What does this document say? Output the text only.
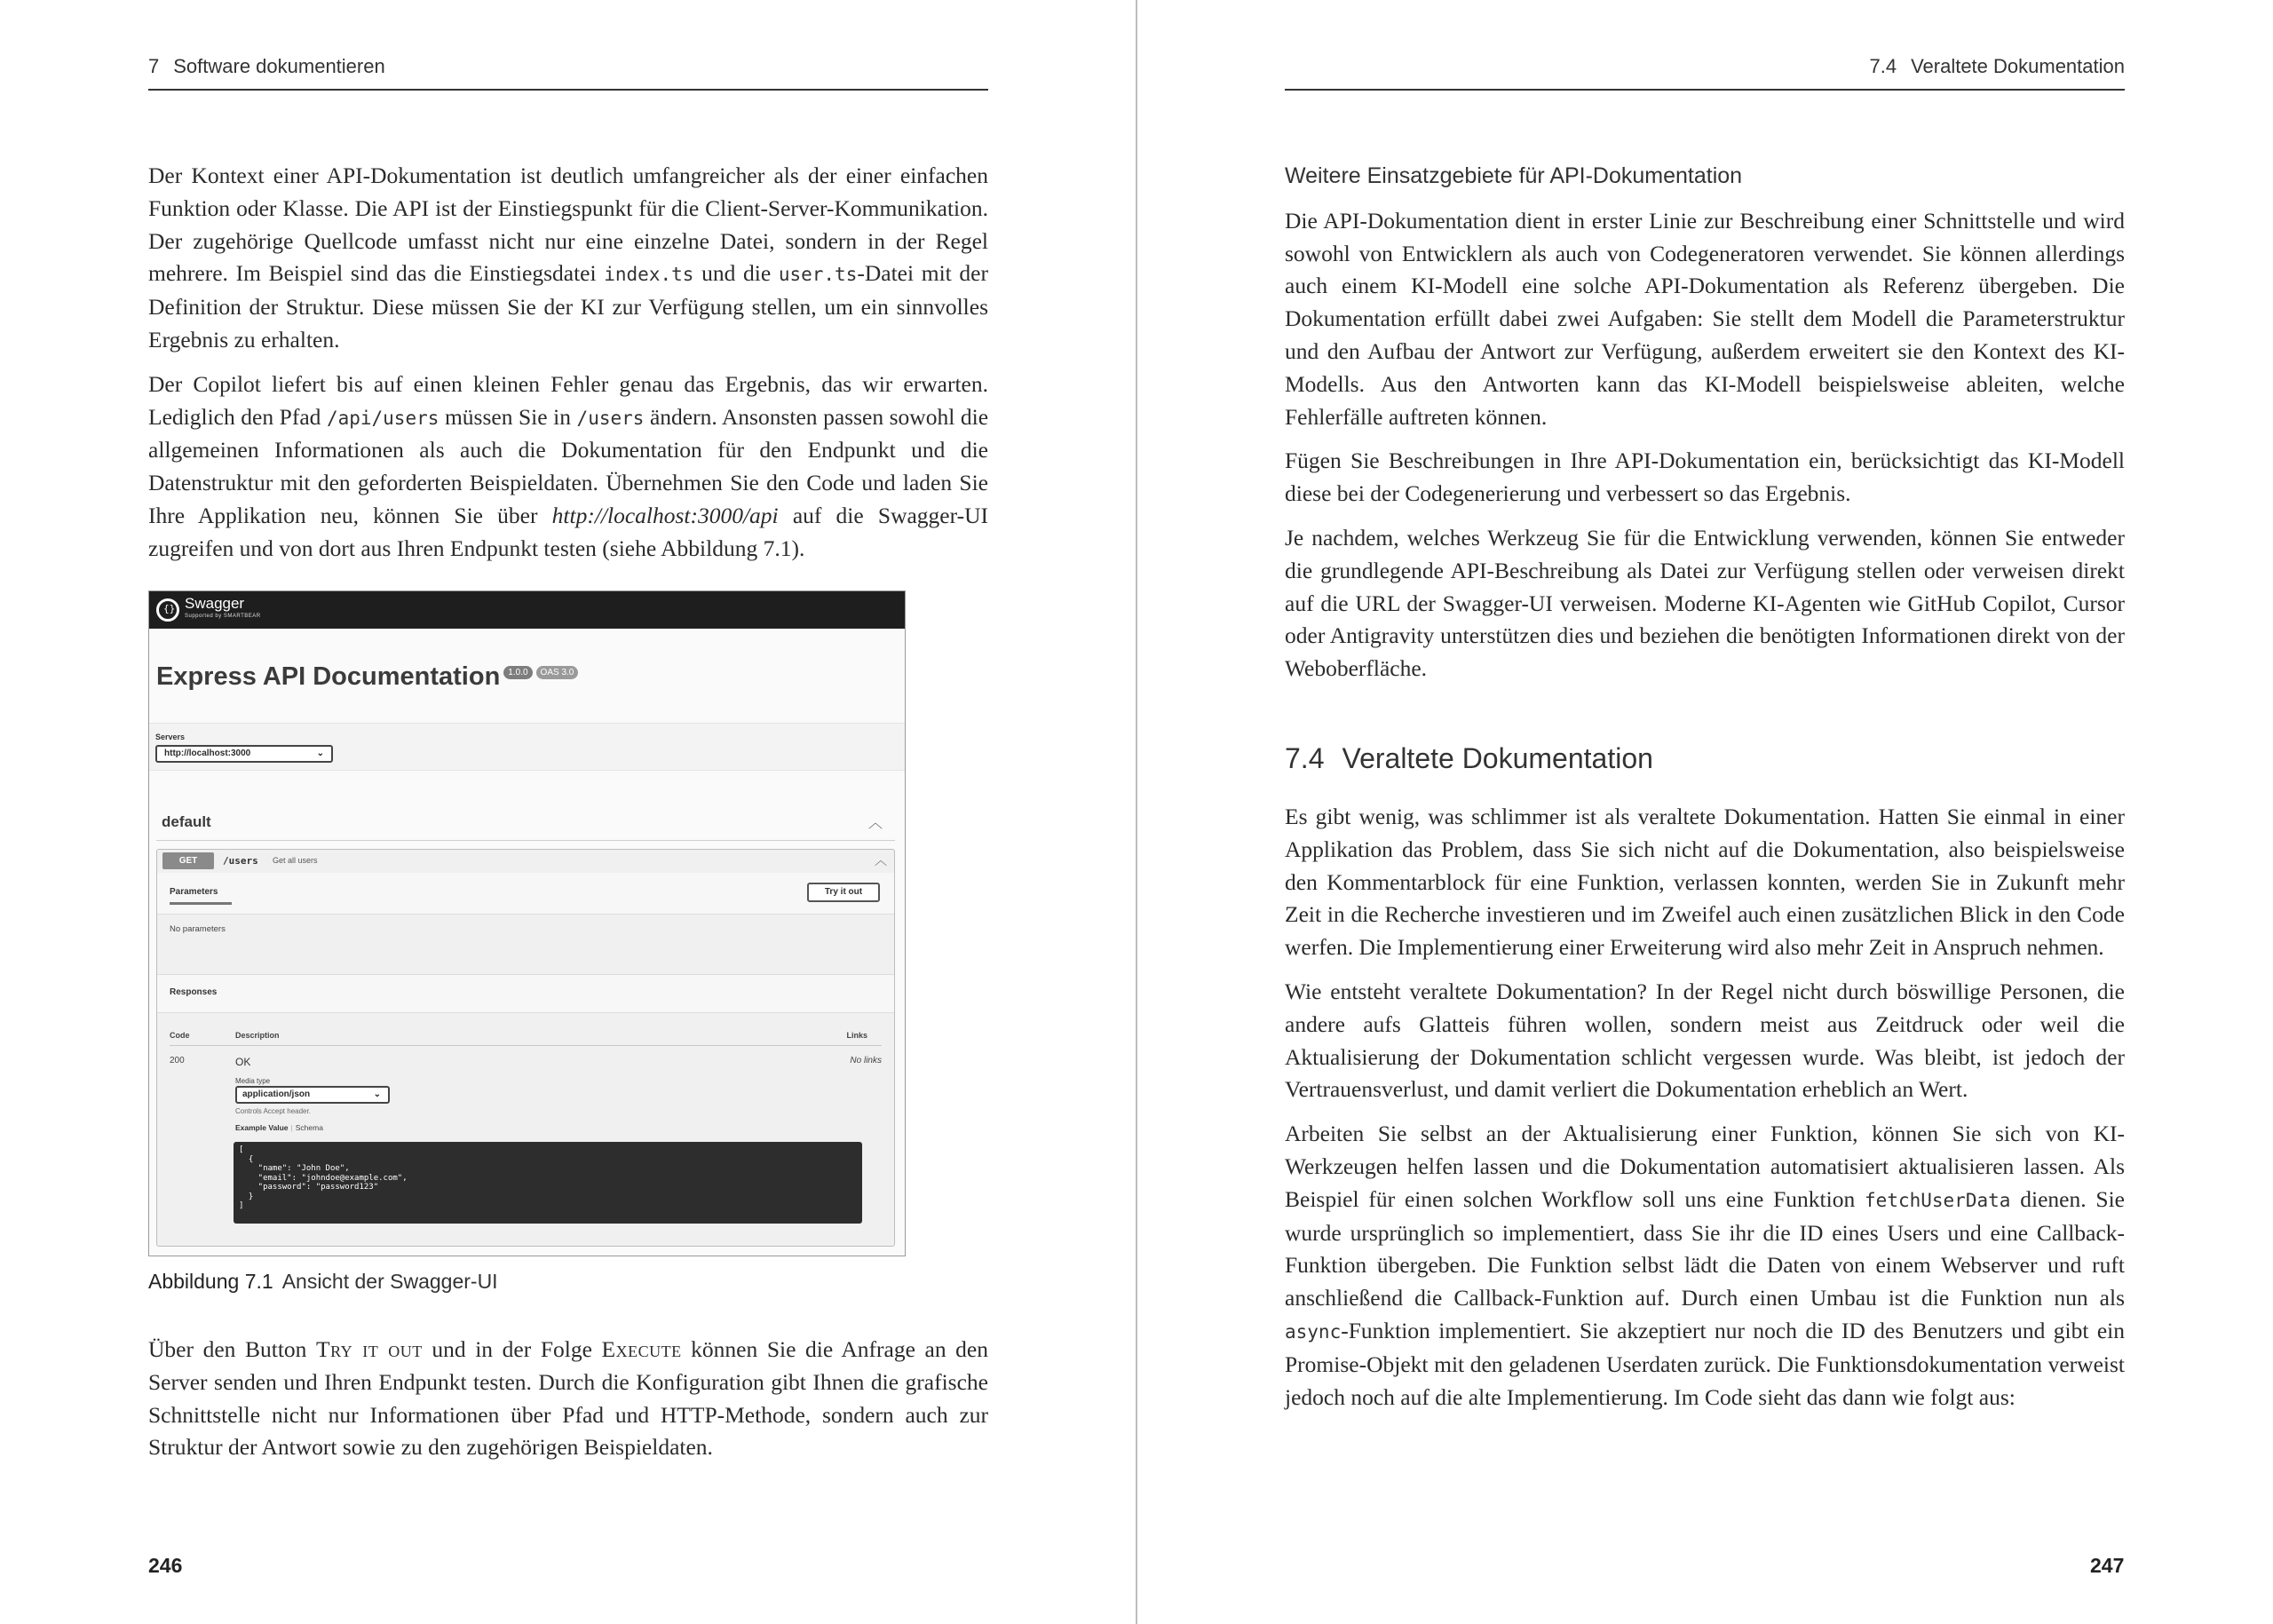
7 Software dokumentieren

Der Kontext einer API-Dokumentation ist deutlich umfangreicher als der einer einfachen Funktion oder Klasse. Die API ist der Einstiegspunkt für die Client-Server-Kommunikation. Der zugehörige Quellcode umfasst nicht nur eine einzelne Datei, sondern in der Regel mehrere. Im Beispiel sind das die Einstiegsdatei index.ts und die user.ts-Datei mit der Definition der Struktur. Diese müssen Sie der KI zur Verfügung stellen, um ein sinnvolles Ergebnis zu erhalten.

Der Copilot liefert bis auf einen kleinen Fehler genau das Ergebnis, das wir erwarten. Lediglich den Pfad /api/users müssen Sie in /users ändern. Ansonsten passen sowohl die allgemeinen Informationen als auch die Dokumentation für den Endpunkt und die Datenstruktur mit den geforderten Beispieldaten. Übernehmen Sie den Code und laden Sie Ihre Applikation neu, können Sie über http://localhost:3000/api auf die Swagger-UI zugreifen und von dort aus Ihren Endpunkt testen (siehe Abbildung 7.1).

{}
Swagger
Supported by SMARTBEAR
Express API Documentation 1.0.0	OAS 3.0
Servers
http://localhost:3000	⌄
default	︿
GET	/users Get all users	︿
Parameters	Try it out
No parameters
Responses
Code	Description	Links
200	OK	No links
Media type
application/json	⌄
Controls Accept header.
Example Value | Schema
[
{
"name": "John Doe",
"email": "johndoe@example.com",
"password": "password123"
}
]
Abbildung 7.1 Ansicht der Swagger-UI

Über den Button Try it out und in der Folge Execute können Sie die Anfrage an den Server senden und Ihren Endpunkt testen. Durch die Konfiguration gibt Ihnen die grafische Schnittstelle nicht nur Informationen über Pfad und HTTP-Methode, sondern auch zur Struktur der Antwort sowie zu den zugehörigen Beispieldaten.

246
7.4 Veraltete Dokumentation
Weitere Einsatzgebiete für API-Dokumentation

Die API-Dokumentation dient in erster Linie zur Beschreibung einer Schnittstelle und wird sowohl von Entwicklern als auch von Codegeneratoren verwendet. Sie können allerdings auch einem KI-Modell eine solche API-Dokumentation als Referenz übergeben. Die Dokumentation erfüllt dabei zwei Aufgaben: Sie stellt dem Modell die Parameterstruktur und den Aufbau der Antwort zur Verfügung, außerdem erweitert sie den Kontext des KI-Modells. Aus den Antworten kann das KI-Modell beispielsweise ableiten, welche Fehlerfälle auftreten können.

Fügen Sie Beschreibungen in Ihre API-Dokumentation ein, berücksichtigt das KI-Modell diese bei der Codegenerierung und verbessert so das Ergebnis.

Je nachdem, welches Werkzeug Sie für die Entwicklung verwenden, können Sie entweder die grundlegende API-Beschreibung als Datei zur Verfügung stellen oder verweisen direkt auf die URL der Swagger-UI verweisen. Moderne KI-Agenten wie GitHub Copilot, Cursor oder Antigravity unterstützen dies und beziehen die benötigten Informationen direkt von der Weboberfläche.

7.4 Veraltete Dokumentation

Es gibt wenig, was schlimmer ist als veraltete Dokumentation. Hatten Sie einmal in einer Applikation das Problem, dass Sie sich nicht auf die Dokumentation, also beispielsweise den Kommentarblock für eine Funktion, verlassen konnten, werden Sie in Zukunft mehr Zeit in die Recherche investieren und im Zweifel auch einen zusätzlichen Blick in den Code werfen. Die Implementierung einer Erweiterung wird also mehr Zeit in Anspruch nehmen.

Wie entsteht veraltete Dokumentation? In der Regel nicht durch böswillige Personen, die andere aufs Glatteis führen wollen, sondern meist aus Zeitdruck oder weil die Aktualisierung der Dokumentation schlicht vergessen wurde. Was bleibt, ist jedoch der Vertrauensverlust, und damit verliert die Dokumentation erheblich an Wert.

Arbeiten Sie selbst an der Aktualisierung einer Funktion, können Sie sich von KI-Werkzeugen helfen lassen und die Dokumentation automatisiert aktualisieren lassen. Als Beispiel für einen solchen Workflow soll uns eine Funktion fetchUserData dienen. Sie wurde ursprünglich so implementiert, dass Sie ihr die ID eines Users und eine Callback-Funktion übergeben. Die Funktion selbst lädt die Daten von einem Webserver und ruft anschließend die Callback-Funktion auf. Durch einen Umbau ist die Funktion nun als async-Funktion implementiert. Sie akzeptiert nur noch die ID des Benutzers und gibt ein Promise-Objekt mit den geladenen Userdaten zurück. Die Funktionsdokumentation verweist jedoch noch auf die alte Implementierung. Im Code sieht das dann wie folgt aus:

247
